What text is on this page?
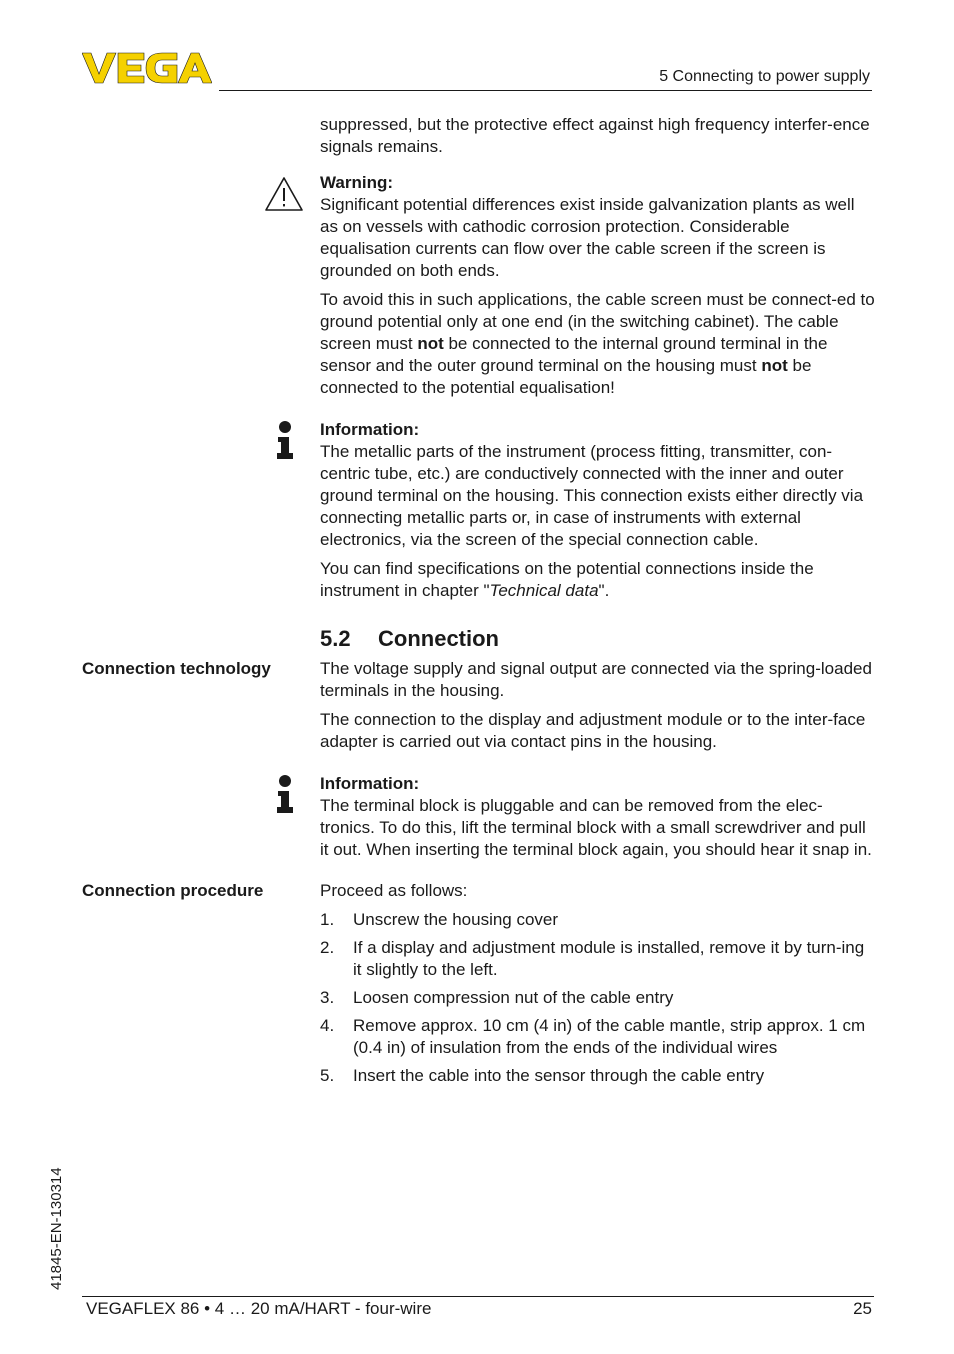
VEGA
5 Connecting to power supply

suppressed, but the protective effect against high frequency interfer-ence signals remains.

Warning:

Significant potential differences exist inside galvanization plants as well as on vessels with cathodic corrosion protection. Considerable equalisation currents can flow over the cable screen if the screen is grounded on both ends.

To avoid this in such applications, the cable screen must be connect-ed to ground potential only at one end (in the switching cabinet). The cable screen must not be connected to the internal ground terminal in the sensor and the outer ground terminal on the housing must not be connected to the potential equalisation!

Information:

The metallic parts of the instrument (process fitting, transmitter, con-centric tube, etc.) are conductively connected with the inner and outer ground terminal on the housing. This connection exists either directly via connecting metallic parts or, in case of instruments with external electronics, via the screen of the special connection cable.

You can find specifications on the potential connections inside the instrument in chapter "Technical data".

5.2 Connection
Connection technology	The voltage supply and signal output are connected via the spring-loaded terminals in the housing.

The connection to the display and adjustment module or to the inter-face adapter is carried out via contact pins in the housing.

Information:

The terminal block is pluggable and can be removed from the elec-tronics. To do this, lift the terminal block with a small screwdriver and pull it out. When inserting the terminal block again, you should hear it snap in.

Connection procedure	Proceed as follows:

1. Unscrew the housing cover
2. If a display and adjustment module is installed, remove it by turn-ing it slightly to the left.
3. Loosen compression nut of the cable entry
4. Remove approx. 10 cm (4 in) of the cable mantle, strip approx. 1 cm (0.4 in) of insulation from the ends of the individual wires
5. Insert the cable into the sensor through the cable entry
41845-EN-130314
VEGAFLEX 86 • 4 … 20 mA/HART - four-wire	25
